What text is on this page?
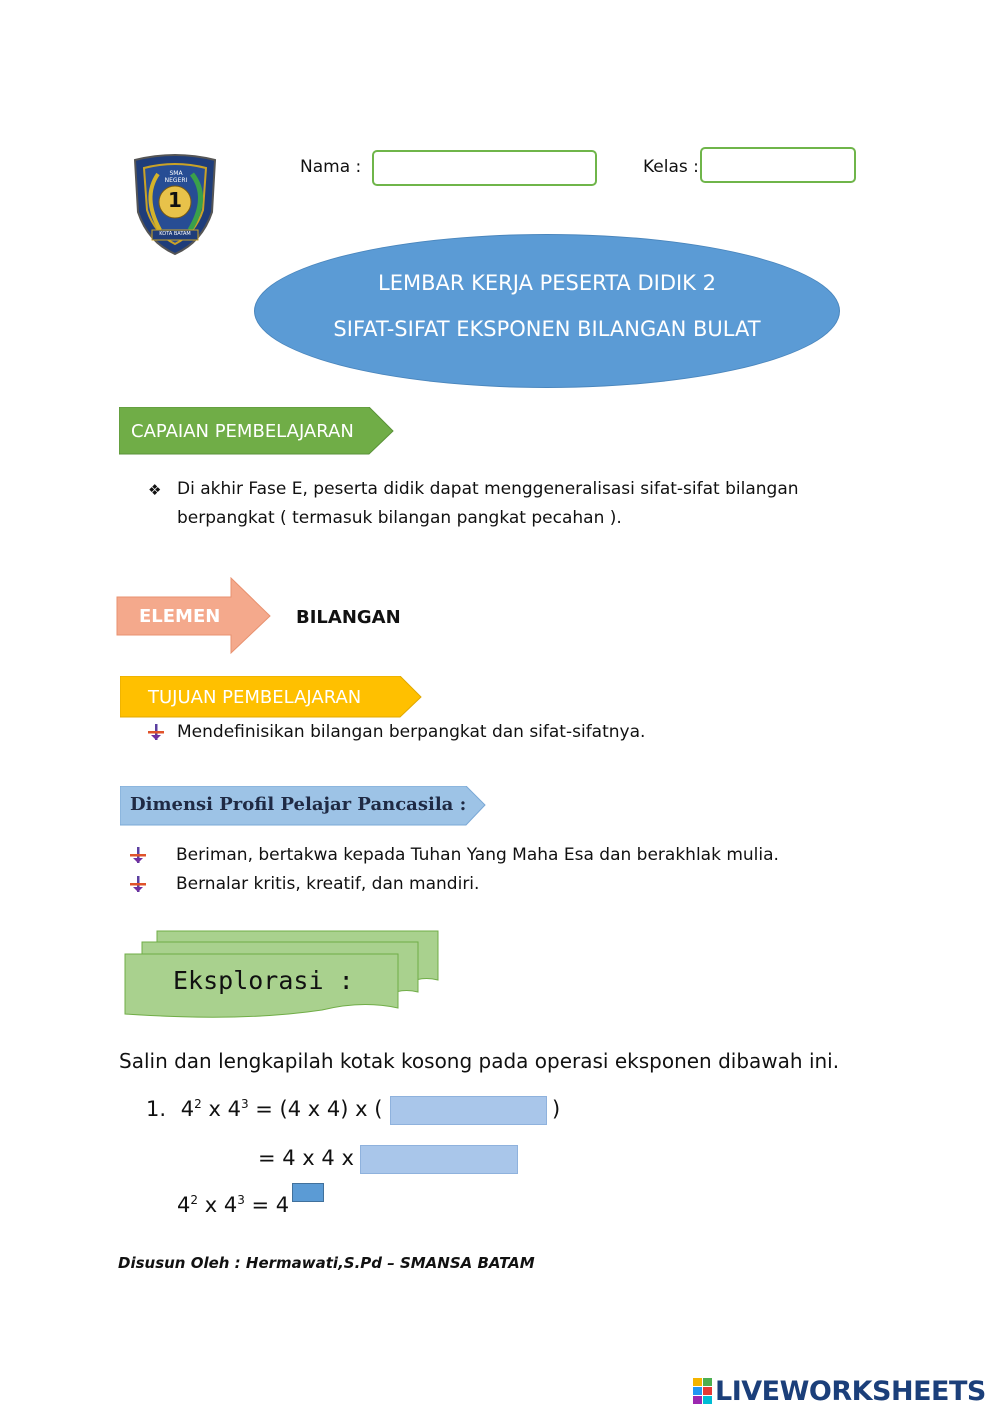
SMA NEGERI
1
KOTA BATAM
Nama :	Kelas :
LEMBAR KERJA PESERTA DIDIK 2
SIFAT-SIFAT EKSPONEN BILANGAN BULAT
CAPAIAN PEMBELAJARAN
❖ Di akhir Fase E, peserta didik dapat menggeneralisasi sifat-sifat bilangan
berpangkat ( termasuk bilangan pangkat pecahan ).
ELEMEN	BILANGAN
TUJUAN PEMBELAJARAN
Mendefinisikan bilangan berpangkat dan sifat-sifatnya.
Dimensi Profil Pelajar Pancasila :
Beriman, bertakwa kepada Tuhan Yang Maha Esa dan berakhlak mulia.
Bernalar kritis, kreatif, dan mandiri.
Eksplorasi :
Salin dan lengkapilah kotak kosong pada operasi eksponen dibawah ini.
1. $4^2$ x $4^3 = (4$ x 4) x (	)
= 4 x 4 x
$4^2$ x $4^3 = 4$
Disusun Oleh : Hermawati,S.Pd – SMANSA BATAM
LIVEWORKSHEETS
